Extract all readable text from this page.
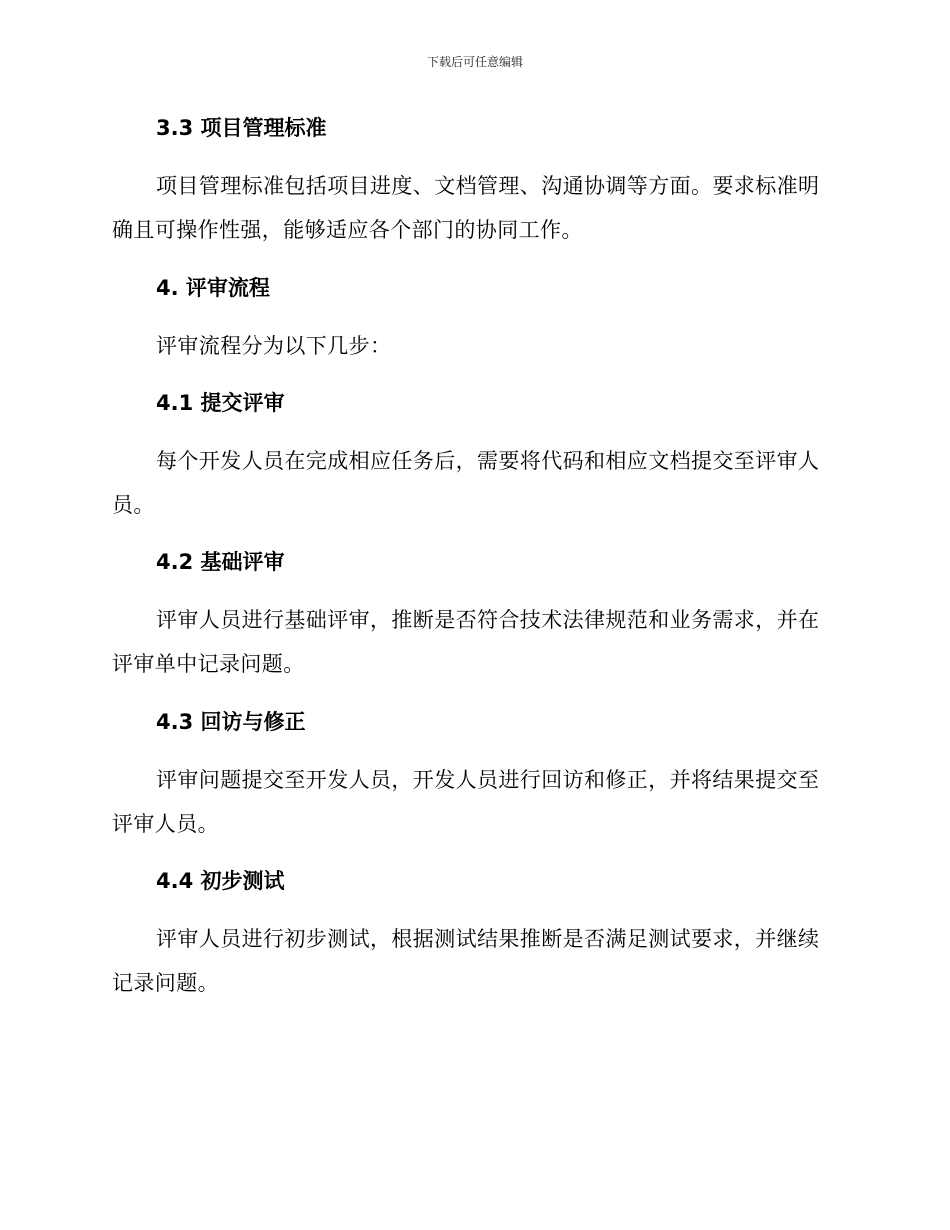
下载后可任意编辑
3.3 项目管理标准
项目管理标准包括项目进度、文档管理、沟通协调等方面。要求标准明确且可操作性强，能够适应各个部门的协同工作。
4. 评审流程
评审流程分为以下几步：
4.1 提交评审
每个开发人员在完成相应任务后，需要将代码和相应文档提交至评审人员。
4.2 基础评审
评审人员进行基础评审，推断是否符合技术法律规范和业务需求，并在评审单中记录问题。
4.3 回访与修正
评审问题提交至开发人员，开发人员进行回访和修正，并将结果提交至评审人员。
4.4 初步测试
评审人员进行初步测试，根据测试结果推断是否满足测试要求，并继续记录问题。
